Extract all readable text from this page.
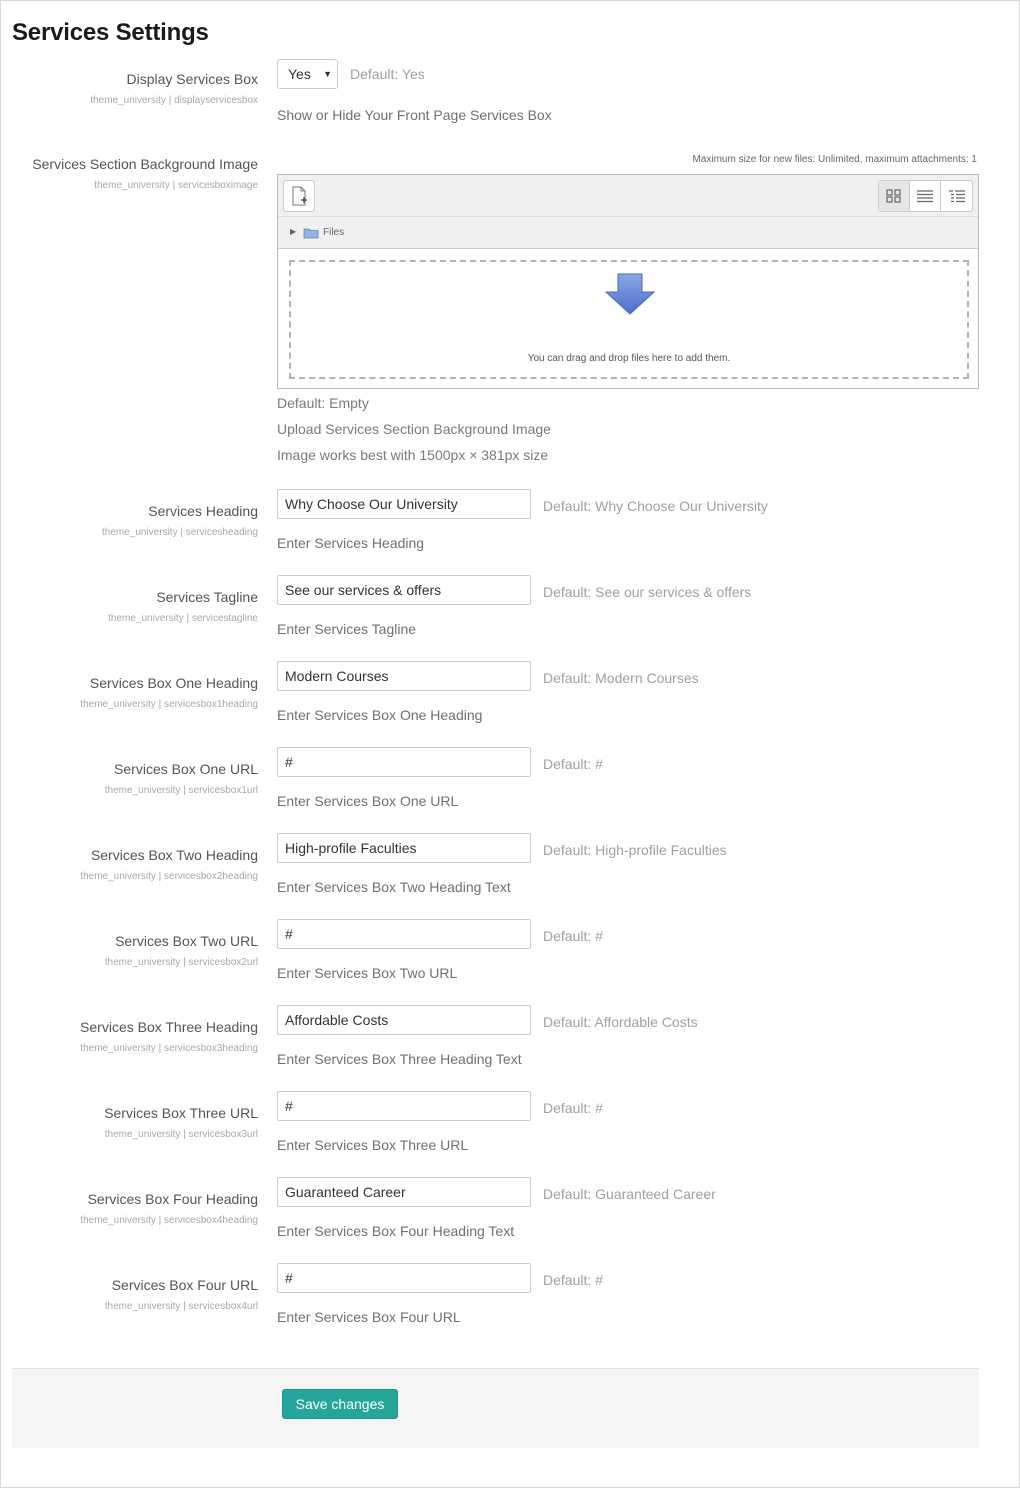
Services Settings
Display Services Box
theme_university | displayservicesbox
Yes ▼ Default: Yes
Show or Hide Your Front Page Services Box
Services Section Background Image
theme_university | servicesboximage
Maximum size for new files: Unlimited, maximum attachments: 1
▶	Files
You can drag and drop files here to add them.
Default: Empty
Upload Services Section Background Image
Image works best with 1500px × 381px size
Services Heading
theme_university | servicesheading
Why Choose Our University
Default: Why Choose Our University
Enter Services Heading
Services Tagline
theme_university | servicestagline
See our services & offers
Default: See our services & offers
Enter Services Tagline
Services Box One Heading
theme_university | servicesbox1heading
Modern Courses
Default: Modern Courses
Enter Services Box One Heading
Services Box One URL
theme_university | servicesbox1url
#
Default: #
Enter Services Box One URL
Services Box Two Heading
theme_university | servicesbox2heading
High-profile Faculties
Default: High-profile Faculties
Enter Services Box Two Heading Text
Services Box Two URL
theme_university | servicesbox2url
#
Default: #
Enter Services Box Two URL
Services Box Three Heading
theme_university | servicesbox3heading
Affordable Costs
Default: Affordable Costs
Enter Services Box Three Heading Text
Services Box Three URL
theme_university | servicesbox3url
#
Default: #
Enter Services Box Three URL
Services Box Four Heading
theme_university | servicesbox4heading
Guaranteed Career
Default: Guaranteed Career
Enter Services Box Four Heading Text
Services Box Four URL
theme_university | servicesbox4url
#
Default: #
Enter Services Box Four URL
Save changes
